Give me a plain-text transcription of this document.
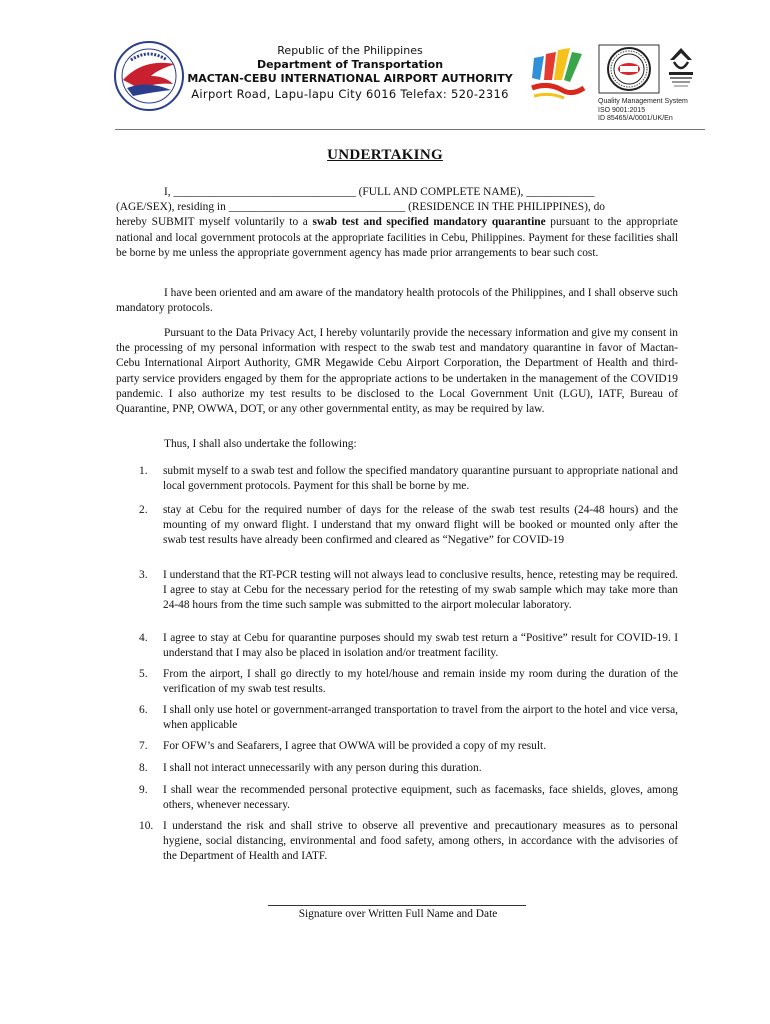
Republic of the Philippines
Department of Transportation
MACTAN-CEBU INTERNATIONAL AIRPORT AUTHORITY
Airport Road, Lapu-lapu City 6016 Telefax: 520-2316
Quality Management System
ISO 9001:2015
ID 85465/A/0001/UK/En
UNDERTAKING
I, ________________________________ (FULL AND COMPLETE NAME), ____________
(AGE/SEX), residing in _______________________________ (RESIDENCE IN THE PHILIPPINES), do
hereby SUBMIT myself voluntarily to a swab test and specified mandatory quarantine pursuant to the appropriate national and local government protocols at the appropriate facilities in Cebu, Philippines. Payment for these facilities shall be borne by me unless the appropriate government agency has made prior arrangements to bear such cost.
I have been oriented and am aware of the mandatory health protocols of the Philippines, and I shall observe such mandatory protocols.
Pursuant to the Data Privacy Act, I hereby voluntarily provide the necessary information and give my consent in the processing of my personal information with respect to the swab test and mandatory quarantine in favor of Mactan-Cebu International Airport Authority, GMR Megawide Cebu Airport Corporation, the Department of Health and third-party service providers engaged by them for the appropriate actions to be undertaken in the management of the COVID19 pandemic. I also authorize my test results to be disclosed to the Local Government Unit (LGU), IATF, Bureau of Quarantine, PNP, OWWA, DOT, or any other governmental entity, as may be required by law.
Thus, I shall also undertake the following:
1.	submit myself to a swab test and follow the specified mandatory quarantine pursuant to appropriate national and local government protocols. Payment for this shall be borne by me.
2.	stay at Cebu for the required number of days for the release of the swab test results (24-48 hours) and the mounting of my onward flight. I understand that my onward flight will be booked or mounted only after the swab test results have already been confirmed and cleared as “Negative” for COVID-19
3.	I understand that the RT-PCR testing will not always lead to conclusive results, hence, retesting may be required. I agree to stay at Cebu for the necessary period for the retesting of my swab sample which may take more than 24-48 hours from the time such sample was submitted to the airport molecular laboratory.
4.	I agree to stay at Cebu for quarantine purposes should my swab test return a “Positive” result for COVID-19. I understand that I may also be placed in isolation and/or treatment facility.
5.	From the airport, I shall go directly to my hotel/house and remain inside my room during the duration of the verification of my swab test results.
6.	I shall only use hotel or government-arranged transportation to travel from the airport to the hotel and vice versa, when applicable
7.	For OFW’s and Seafarers, I agree that OWWA will be provided a copy of my result.
8.	I shall not interact unnecessarily with any person during this duration.
9.	I shall wear the recommended personal protective equipment, such as facemasks, face shields, gloves, among others, whenever necessary.
10. I understand the risk and shall strive to observe all preventive and precautionary measures as to personal hygiene, social distancing, environmental and food safety, among others, in accordance with the advisories of the Department of Health and IATF.
Signature over Written Full Name and Date
